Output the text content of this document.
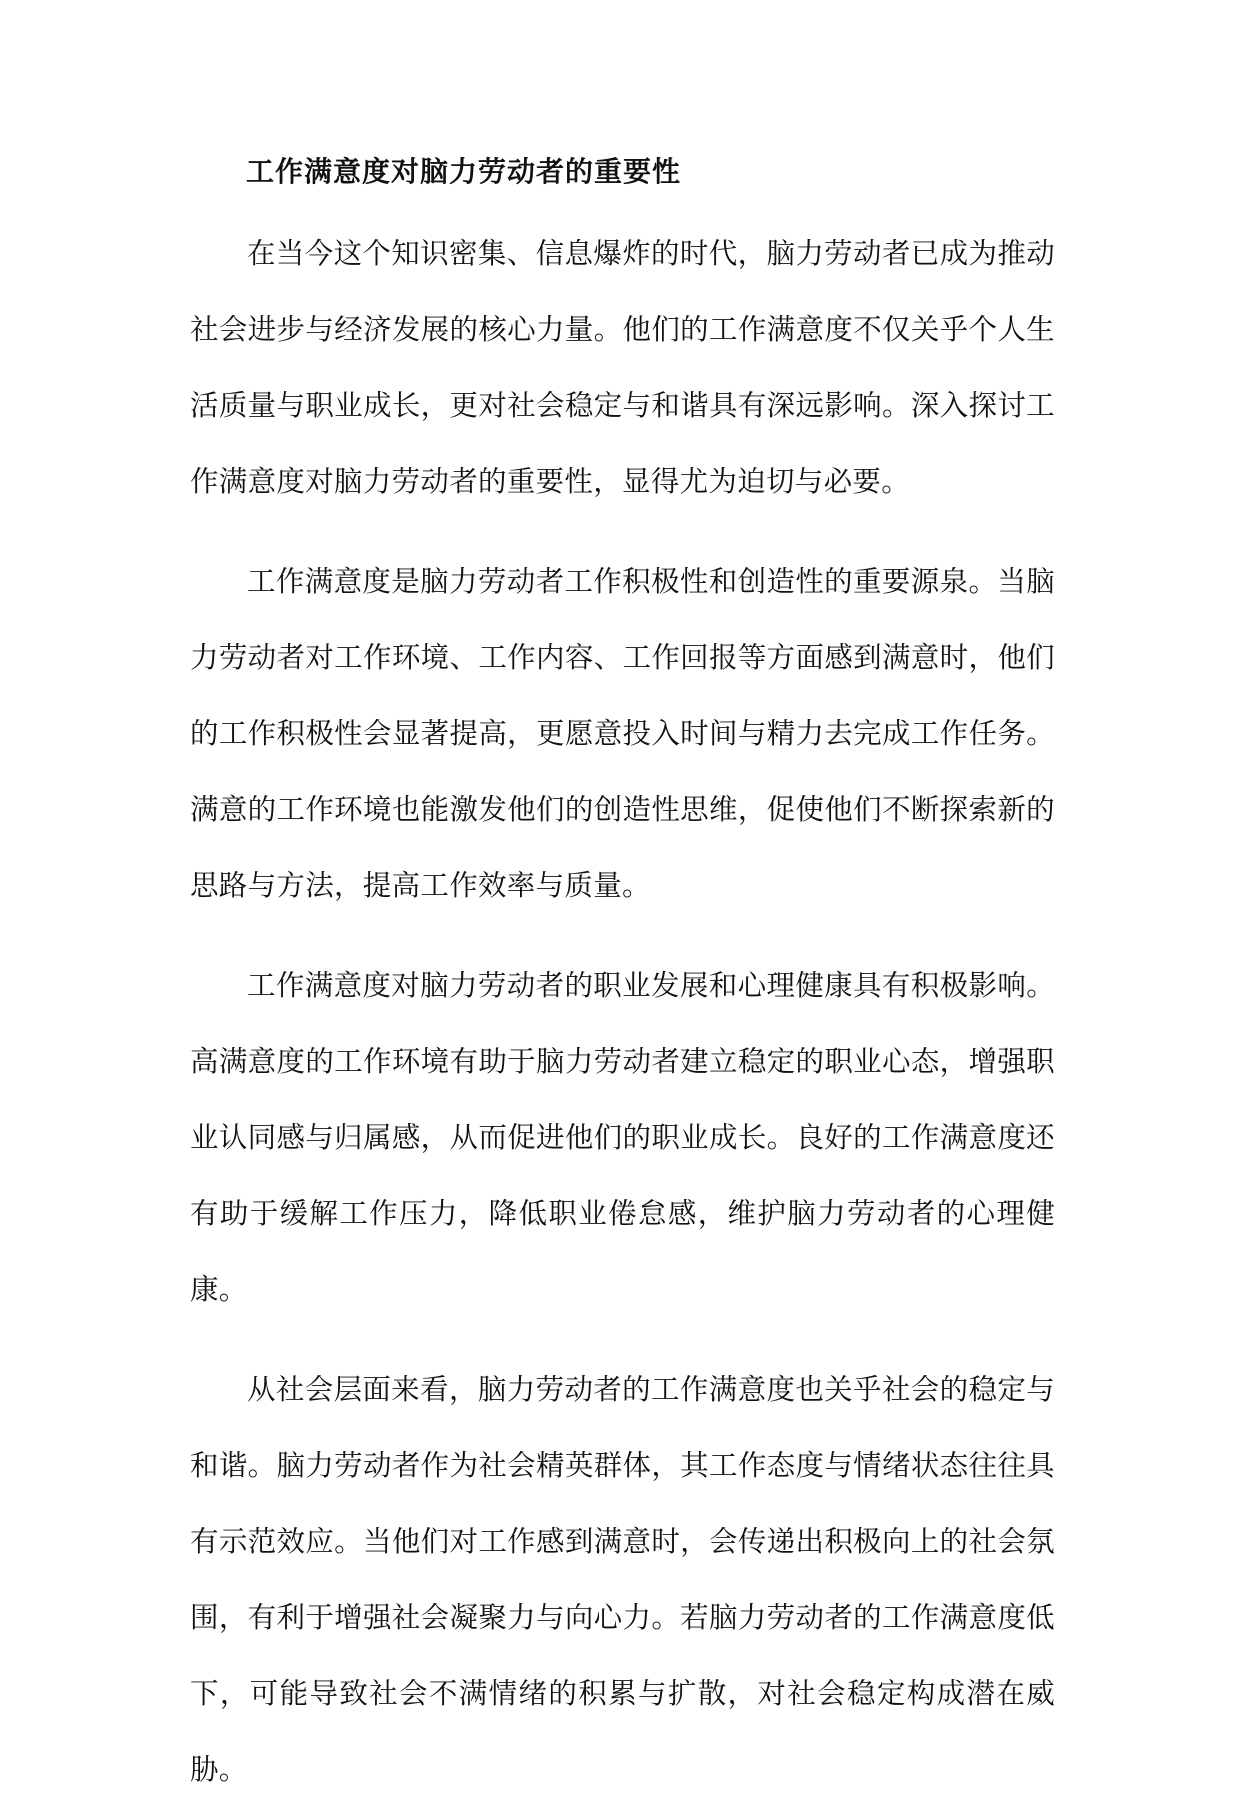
工作满意度对脑力劳动者的重要性

在当今这个知识密集、信息爆炸的时代，脑力劳动者已成为推动社会进步与经济发展的核心力量。他们的工作满意度不仅关乎个人生活质量与职业成长，更对社会稳定与和谐具有深远影响。深入探讨工作满意度对脑力劳动者的重要性，显得尤为迫切与必要。

工作满意度是脑力劳动者工作积极性和创造性的重要源泉。当脑力劳动者对工作环境、工作内容、工作回报等方面感到满意时，他们的工作积极性会显著提高，更愿意投入时间与精力去完成工作任务。满意的工作环境也能激发他们的创造性思维，促使他们不断探索新的思路与方法，提高工作效率与质量。

工作满意度对脑力劳动者的职业发展和心理健康具有积极影响。高满意度的工作环境有助于脑力劳动者建立稳定的职业心态，增强职业认同感与归属感，从而促进他们的职业成长。良好的工作满意度还有助于缓解工作压力，降低职业倦怠感，维护脑力劳动者的心理健康。

从社会层面来看，脑力劳动者的工作满意度也关乎社会的稳定与和谐。脑力劳动者作为社会精英群体，其工作态度与情绪状态往往具有示范效应。当他们对工作感到满意时，会传递出积极向上的社会氛围，有利于增强社会凝聚力与向心力。若脑力劳动者的工作满意度低下，可能导致社会不满情绪的积累与扩散，对社会稳定构成潜在威胁。
